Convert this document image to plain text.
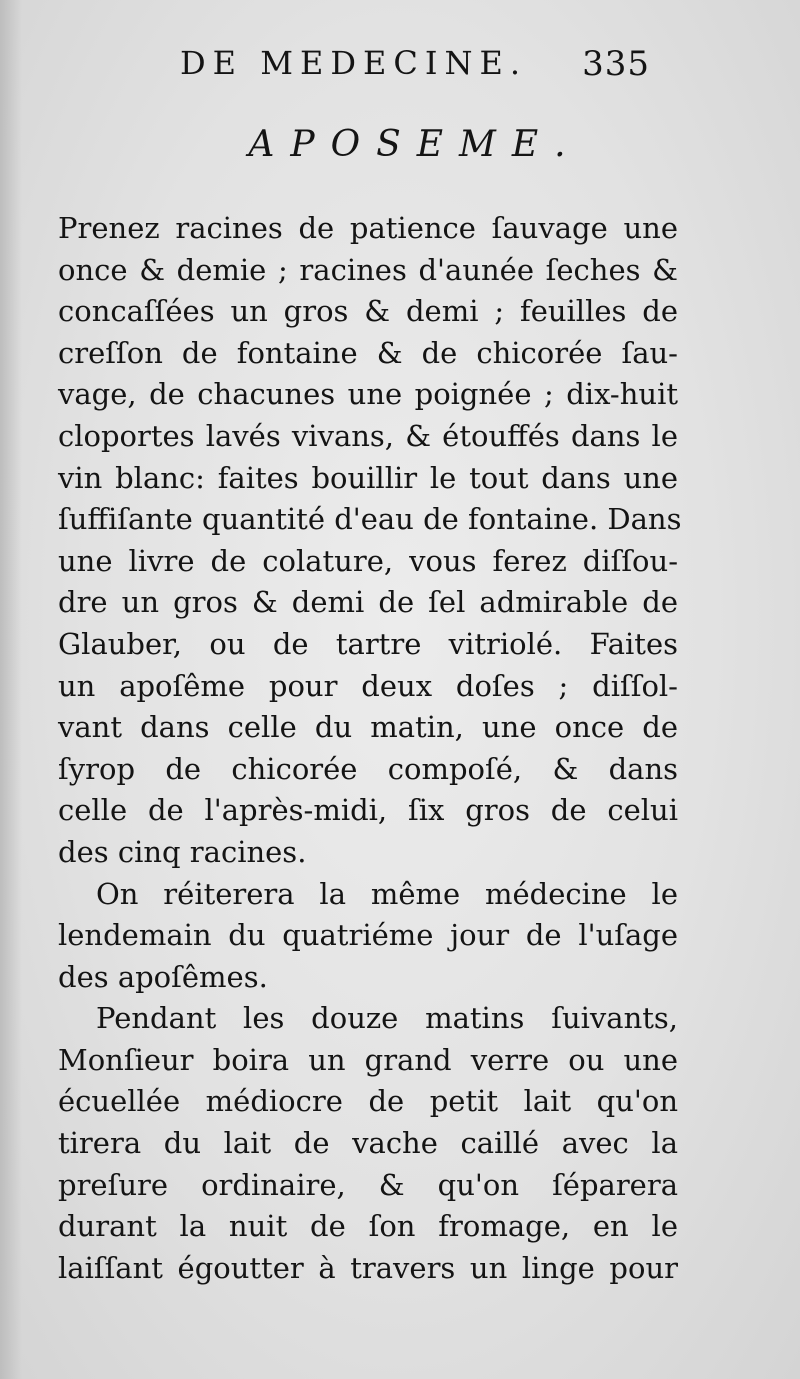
DE MEDECINE. 335
APOSEME.

Prenez racines de patience ſauvage une
once & demie ; racines d'aunée ſeches &
concaſſées un gros & demi ; feuilles de
creſſon de fontaine & de chicorée ſau-
vage, de chacunes une poignée ; dix-huit
cloportes lavés vivans, & étouffés dans le
vin blanc: faites bouillir le tout dans une
ſuffiſante quantité d'eau de fontaine. Dans
une livre de colature, vous ferez diſſou-
dre un gros & demi de ſel admirable de
Glauber, ou de tartre vitriolé. Faites
un apoſême pour deux doſes ; diſſol-
vant dans celle du matin, une once de
ſyrop de chicorée compoſé, & dans
celle de l'après-midi, ſix gros de celui
des cinq racines.

On réiterera la même médecine le
lendemain du quatriéme jour de l'uſage
des apoſêmes.

Pendant les douze matins ſuivants,
Monſieur boira un grand verre ou une
écuellée médiocre de petit lait qu'on
tirera du lait de vache caillé avec la
preſure ordinaire, & qu'on ſéparera
durant la nuit de ſon fromage, en le
laiſſant égoutter à travers un linge pour
